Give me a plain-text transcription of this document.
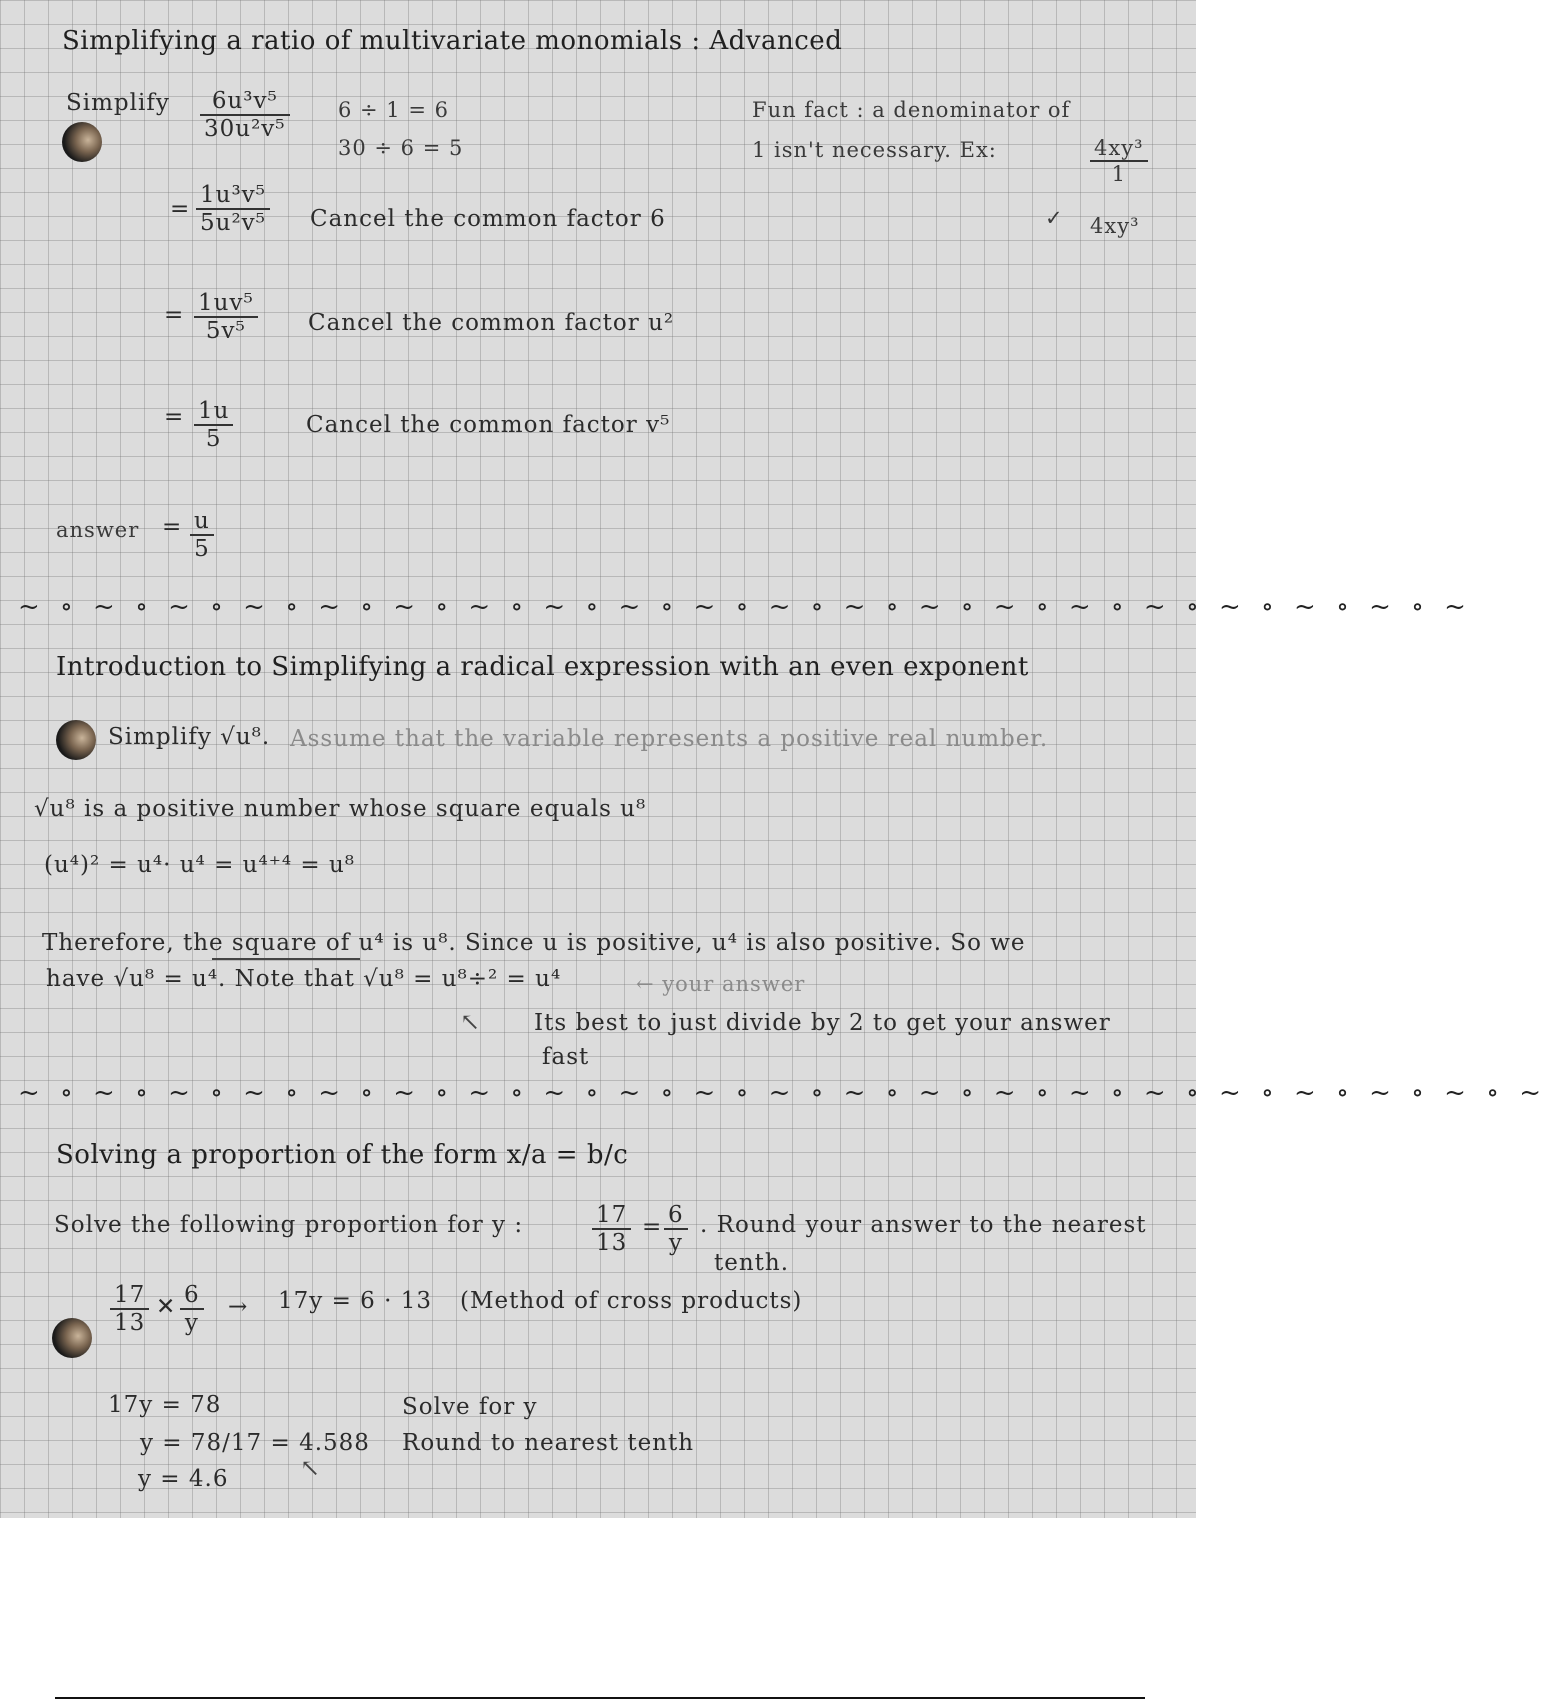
Simplifying a ratio of multivariate monomials : Advanced
Simplify $\frac{\text{6u³v⁵}}{\text{30u²v⁵}} 6 \div 1 = 6$
30 ÷ 6 = 5
Fun fact : a denominator of
1 isn't necessary. Ex:	$\frac{\text{4xy³}}{1}$
✓ 4xy³
= $\frac{\text{1u³v⁵}}{\text{5u²v⁵}}$ Cancel the common factor 6
= $\frac{\text{1uv⁵}}{\text{5v⁵}}$ Cancel the common factor u²
= $\frac{1u}{5}$	Cancel the common factor v⁵
answer = $\frac{u}{5}$
~ ∘ ~ ∘ ~ ∘ ~ ∘ ~ ∘ ~ ∘ ~ ∘ ~ ∘ ~ ∘ ~ ∘ ~ ∘ ~ ∘ ~ ∘ ~ ∘ ~ ∘ ~ ∘ ~ ∘ ~ ∘ ~ ∘ ~
Introduction to Simplifying a radical expression with an even exponent
Simplify √u⁸. Assume that the variable represents a positive real number.
√u⁸ is a positive number whose square equals u⁸
(u⁴)² = u⁴· u⁴ = u⁴⁺⁴ = u⁸
Therefore, the square of u⁴ is u⁸. Since u is positive, u⁴ is also positive. So we
have √u⁸ = u⁴. Note that √u⁸ = u⁸÷² = u⁴	← your answer
↖ Its best to just divide by 2 to get your answer
fast
~ ∘ ~ ∘ ~ ∘ ~ ∘ ~ ∘ ~ ∘ ~ ∘ ~ ∘ ~ ∘ ~ ∘ ~ ∘ ~ ∘ ~ ∘ ~ ∘ ~ ∘ ~ ∘ ~ ∘ ~ ∘ ~ ∘ ~ ∘ ~
Solving a proportion of the form x/a = b/c
Solve the following proportion for y :	$\frac{17}{13} = \frac{6}{y}$ . Round your answer to the nearest
tenth.
$\frac{17}{13}$ ✕ $\frac{6}{y} \to 17y = 6 \cdot 13$ (Method of cross products)
17y = 78
y = 78/17 = 4.588
y = 4.6
Solve for y
Round to nearest tenth
↖
